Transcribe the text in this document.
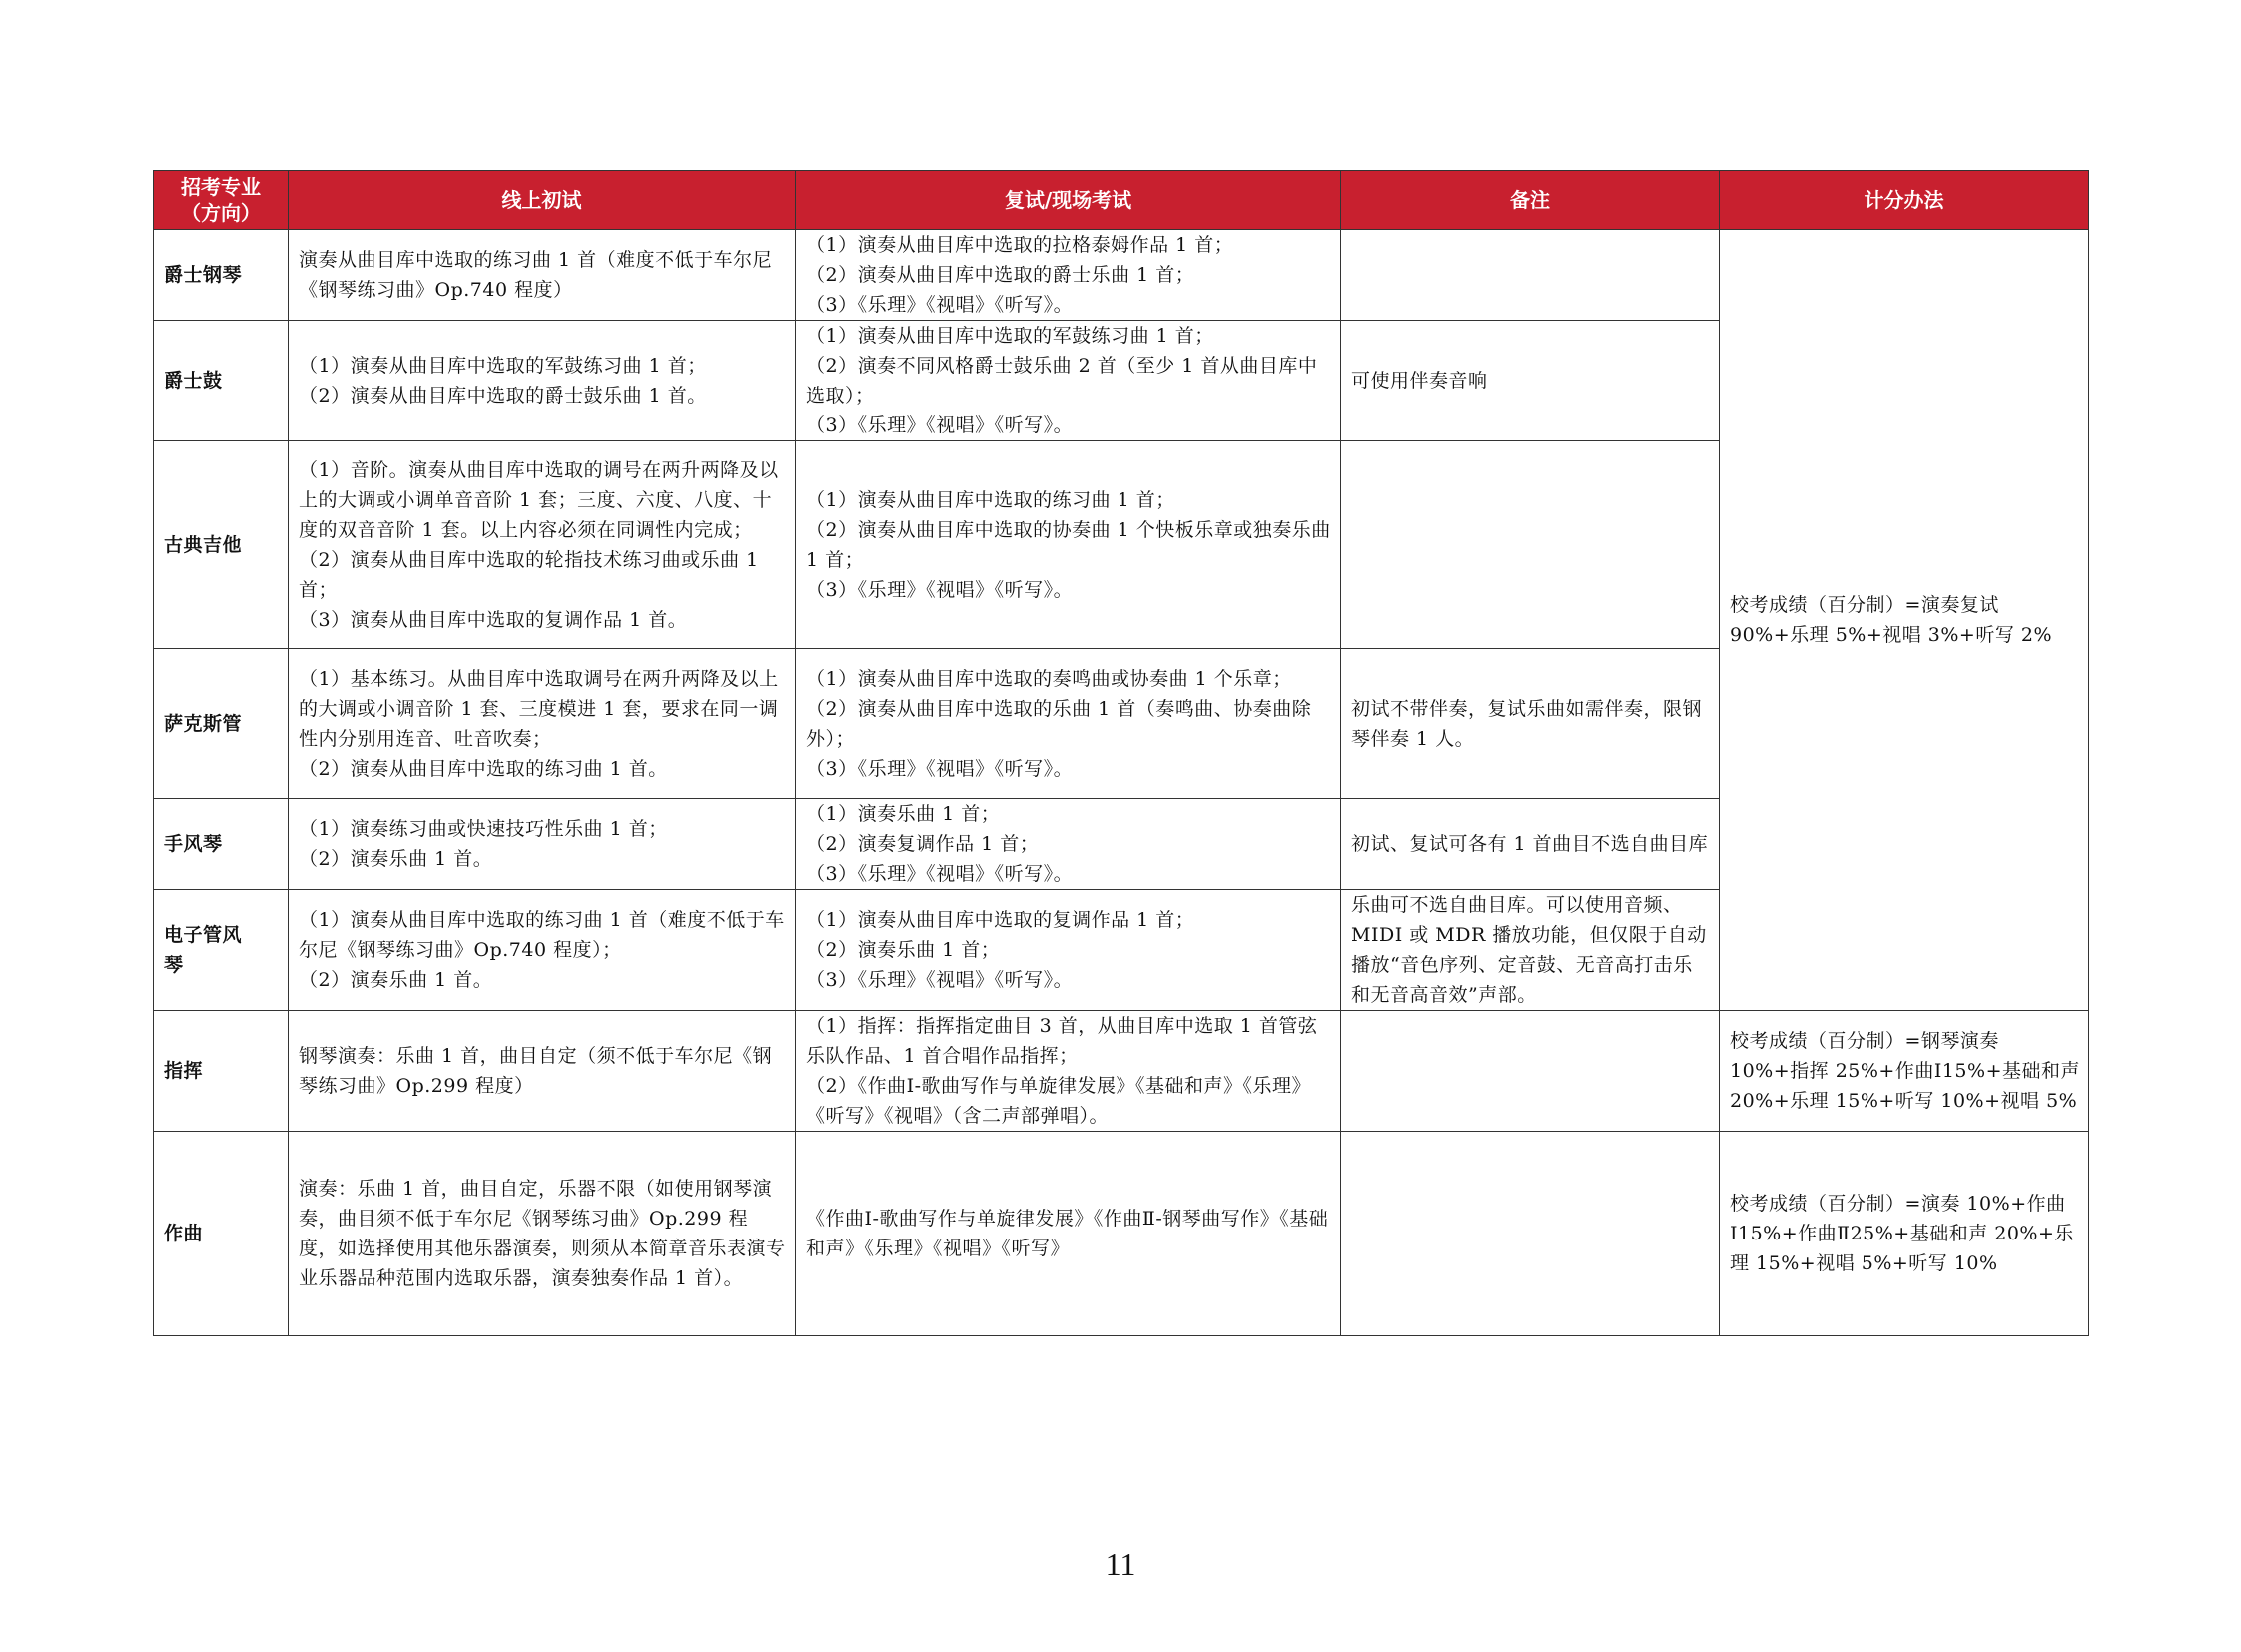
招考专业
（方向）	线上初试	复试/现场考试	备注	计分办法
爵士钢琴	演奏从曲目库中选取的练习曲 1 首（难度不低于车尔尼《钢琴练习曲》Op.740 程度）	（1）演奏从曲目库中选取的拉格泰姆作品 1 首；
（2）演奏从曲目库中选取的爵士乐曲 1 首；
（3）《乐理》《视唱》《听写》。		校考成绩（百分制）=演奏复试 90%+乐理 5%+视唱 3%+听写 2%
爵士鼓	（1）演奏从曲目库中选取的军鼓练习曲 1 首；
（2）演奏从曲目库中选取的爵士鼓乐曲 1 首。	（1）演奏从曲目库中选取的军鼓练习曲 1 首；
（2）演奏不同风格爵士鼓乐曲 2 首（至少 1 首从曲目库中选取）；
（3）《乐理》《视唱》《听写》。	可使用伴奏音响	
古典吉他	（1）音阶。演奏从曲目库中选取的调号在两升两降及以上的大调或小调单音音阶 1 套；三度、六度、八度、十度的双音音阶 1 套。以上内容必须在同调性内完成；
（2）演奏从曲目库中选取的轮指技术练习曲或乐曲 1 首；
（3）演奏从曲目库中选取的复调作品 1 首。	（1）演奏从曲目库中选取的练习曲 1 首；
（2）演奏从曲目库中选取的协奏曲 1 个快板乐章或独奏乐曲 1 首；
（3）《乐理》《视唱》《听写》。		
萨克斯管	（1）基本练习。从曲目库中选取调号在两升两降及以上的大调或小调音阶 1 套、三度模进 1 套，要求在同一调性内分别用连音、吐音吹奏；
（2）演奏从曲目库中选取的练习曲 1 首。	（1）演奏从曲目库中选取的奏鸣曲或协奏曲 1 个乐章；
（2）演奏从曲目库中选取的乐曲 1 首（奏鸣曲、协奏曲除外）；
（3）《乐理》《视唱》《听写》。	初试不带伴奏，复试乐曲如需伴奏，限钢琴伴奏 1 人。	
手风琴	（1）演奏练习曲或快速技巧性乐曲 1 首；
（2）演奏乐曲 1 首。	（1）演奏乐曲 1 首；
（2）演奏复调作品 1 首；
（3）《乐理》《视唱》《听写》。	初试、复试可各有 1 首曲目不选自曲目库	
电子管风
琴	（1）演奏从曲目库中选取的练习曲 1 首（难度不低于车尔尼《钢琴练习曲》Op.740 程度）；
（2）演奏乐曲 1 首。	（1）演奏从曲目库中选取的复调作品 1 首；
（2）演奏乐曲 1 首；
（3）《乐理》《视唱》《听写》。	乐曲可不选自曲目库。可以使用音频、MIDI 或 MDR 播放功能，但仅限于自动播放“音色序列、定音鼓、无音高打击乐和无音高音效”声部。	
指挥	钢琴演奏：乐曲 1 首，曲目自定（须不低于车尔尼《钢琴练习曲》Op.299 程度）	（1）指挥：指挥指定曲目 3 首，从曲目库中选取 1 首管弦乐队作品、1 首合唱作品指挥；
（2）《作曲Ⅰ-歌曲写作与单旋律发展》《基础和声》《乐理》《听写》《视唱》（含二声部弹唱）。		校考成绩（百分制）=钢琴演奏 10%+指挥 25%+作曲Ⅰ15%+基础和声 20%+乐理 15%+听写 10%+视唱 5%
作曲	演奏：乐曲 1 首，曲目自定，乐器不限（如使用钢琴演奏，曲目须不低于车尔尼《钢琴练习曲》Op.299 程度，如选择使用其他乐器演奏，则须从本简章音乐表演专业乐器品种范围内选取乐器，演奏独奏作品 1 首）。	《作曲Ⅰ-歌曲写作与单旋律发展》《作曲Ⅱ-钢琴曲写作》《基础和声》《乐理》《视唱》《听写》		校考成绩（百分制）=演奏 10%+作曲Ⅰ15%+作曲Ⅱ25%+基础和声 20%+乐理 15%+视唱 5%+听写 10%
11
